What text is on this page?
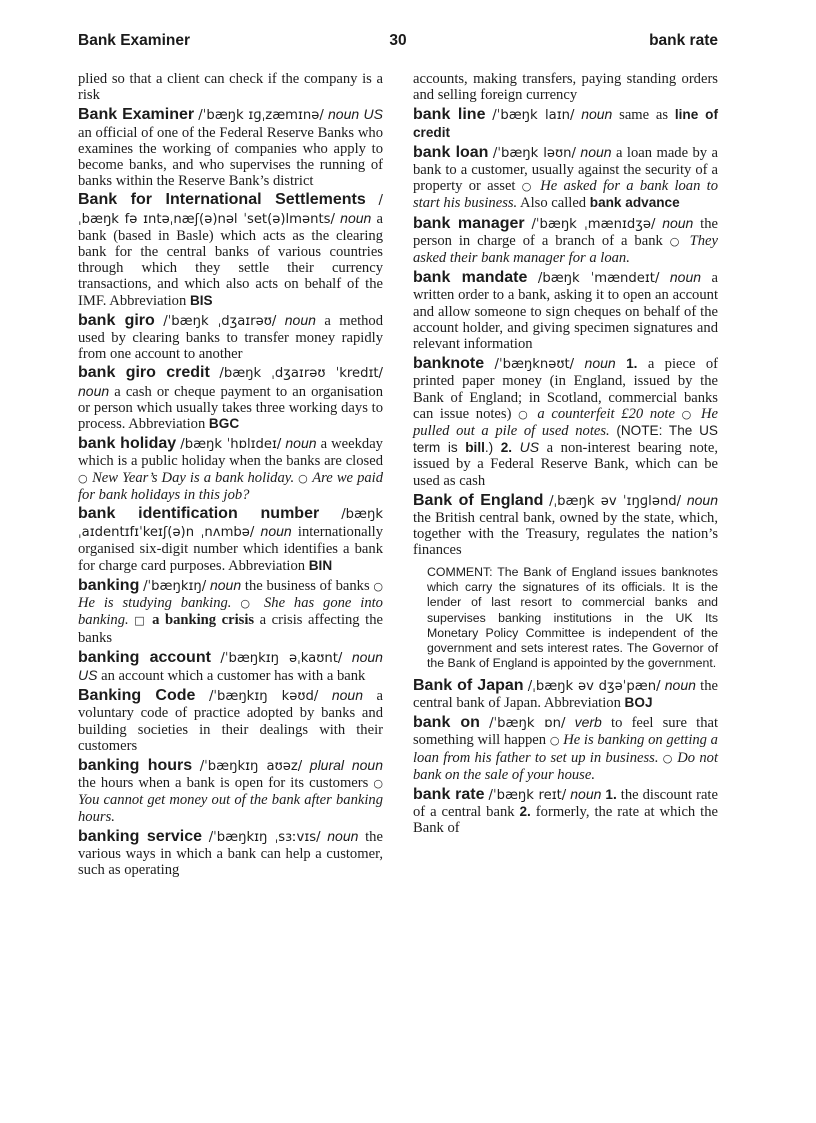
Bank Examiner	30	bank rate

plied so that a client can check if the company is a risk

Bank Examiner /ˈbæŋk ɪɡˌzæmɪnə/ noun US an official of one of the Federal Reserve Banks who examines the working of companies who apply to become banks, and who supervises the running of banks within the Reserve Bank’s district

Bank for International Settlements /ˌbæŋk fə ɪntəˌnæʃ(ə)nəl ˈset(ə)lmənts/ noun a bank (based in Basle) which acts as the clearing bank for the central banks of various countries through which they settle their currency transactions, and which also acts on behalf of the IMF. Abbreviation BIS

bank giro /ˈbæŋk ˌdʒaɪrəʊ/ noun a method used by clearing banks to transfer money rapidly from one account to another

bank giro credit /bæŋk ˌdʒaɪrəʊ ˈkredɪt/ noun a cash or cheque payment to an organisation or person which usually takes three working days to process. Abbreviation BGC

bank holiday /bæŋk ˈhɒlɪdeɪ/ noun a weekday which is a public holiday when the banks are closed ○ New Year’s Day is a bank holiday. ○ Are we paid for bank holidays in this job?

bank identification number /bæŋk ˌaɪdentɪfɪˈkeɪʃ(ə)n ˌnʌmbə/ noun internationally organised six-digit number which identifies a bank for charge card purposes. Abbreviation BIN

banking /ˈbæŋkɪŋ/ noun the business of banks ○ He is studying banking. ○ She has gone into banking. □ a banking crisis a crisis affecting the banks

banking account /ˈbæŋkɪŋ əˌkaʊnt/ noun US an account which a customer has with a bank

Banking Code /ˈbæŋkɪŋ kəʊd/ noun a voluntary code of practice adopted by banks and building societies in their dealings with their customers

banking hours /ˈbæŋkɪŋ aʊəz/ plural noun the hours when a bank is open for its customers ○ You cannot get money out of the bank after banking hours.

banking service /ˈbæŋkɪŋ ˌsɜːvɪs/ noun the various ways in which a bank can help a customer, such as operating

accounts, making transfers, paying standing orders and selling foreign currency

bank line /ˈbæŋk laɪn/ noun same as line of credit

bank loan /ˈbæŋk ləʊn/ noun a loan made by a bank to a customer, usually against the security of a property or asset ○ He asked for a bank loan to start his business. Also called bank advance

bank manager /ˈbæŋk ˌmænɪdʒə/ noun the person in charge of a branch of a bank ○ They asked their bank manager for a loan.

bank mandate /bæŋk ˈmændeɪt/ noun a written order to a bank, asking it to open an account and allow someone to sign cheques on behalf of the account holder, and giving specimen signatures and relevant information

banknote /ˈbæŋknəʊt/ noun 1. a piece of printed paper money (in England, issued by the Bank of England; in Scotland, commercial banks can issue notes) ○ a counterfeit £20 note ○ He pulled out a pile of used notes. (NOTE: The US term is bill.) 2. US a non-interest bearing note, issued by a Federal Reserve Bank, which can be used as cash

Bank of England /ˌbæŋk əv ˈɪŋɡlənd/ noun the British central bank, owned by the state, which, together with the Treasury, regulates the nation’s finances

COMMENT: The Bank of England issues banknotes which carry the signatures of its officials. It is the lender of last resort to commercial banks and supervises banking institutions in the UK Its Monetary Policy Committee is independent of the government and sets interest rates. The Governor of the Bank of England is appointed by the government.

Bank of Japan /ˌbæŋk əv dʒəˈpæn/ noun the central bank of Japan. Abbreviation BOJ

bank on /ˈbæŋk ɒn/ verb to feel sure that something will happen ○ He is banking on getting a loan from his father to set up in business. ○ Do not bank on the sale of your house.

bank rate /ˈbæŋk reɪt/ noun 1. the discount rate of a central bank 2. formerly, the rate at which the Bank of
